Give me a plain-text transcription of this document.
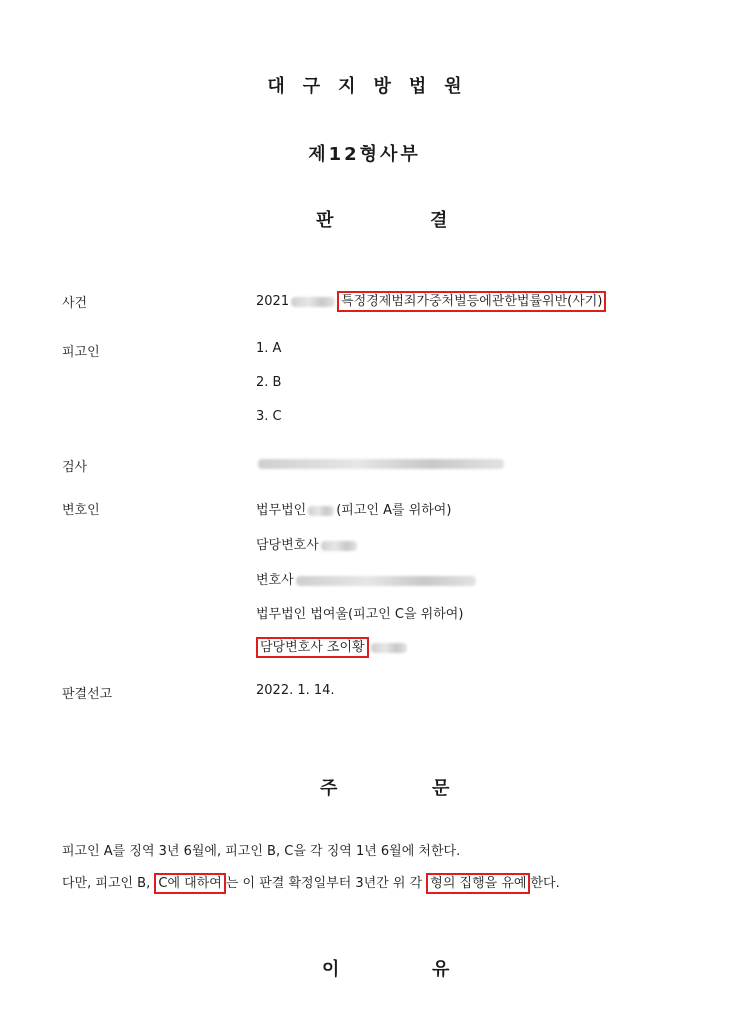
대 구 지 방 법 원
제12형사부
판	결
사건	2021	특정경제범죄가중처벌등에관한법률위반(사기)
피고인	1. A
2. B
3. C
검사
변호인	법무법인 (피고인 A를 위하여)
담당변호사
변호사
법무법인 법여울(피고인 C을 위하여)
담당변호사 조이황
판결선고	2022. 1. 14.
주	문
피고인 A를 징역 3년 6월에, 피고인 B, C을 각 징역 1년 6월에 처한다.
다만, 피고인 B, C에 대하여 는 이 판결 확정일부터 3년간 위 각 형의 집행을 유예 한다.
이	유
